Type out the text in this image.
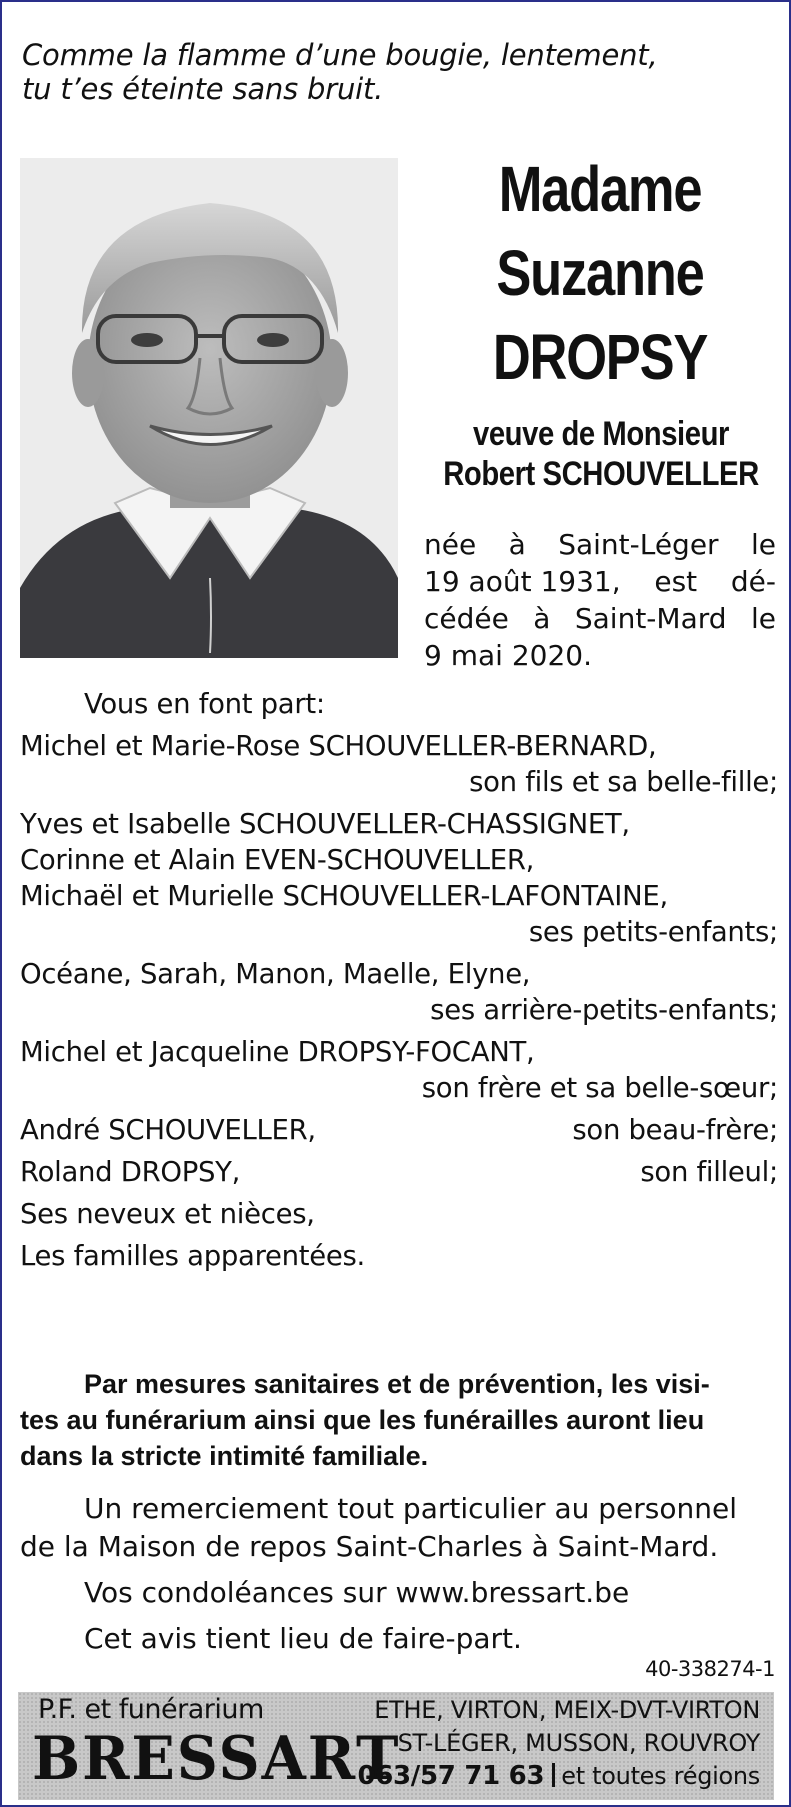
Comme la flamme d’une bougie, lentement,
tu t’es éteinte sans bruit.
Madame
Suzanne
DROPSY
veuve de Monsieur
Robert SCHOUVELLER
née à Saint-Léger le
19 août 1931, est dé-
cédée à Saint-Mard le
9 mai 2020.
Vous en font part:
Michel et Marie-Rose SCHOUVELLER-BERNARD,
son fils et sa belle-fille;
Yves et Isabelle SCHOUVELLER-CHASSIGNET,
Corinne et Alain EVEN-SCHOUVELLER,
Michaël et Murielle SCHOUVELLER-LAFONTAINE,
ses petits-enfants;
Océane, Sarah, Manon, Maelle, Elyne,
ses arrière-petits-enfants;
Michel et Jacqueline DROPSY-FOCANT,
son frère et sa belle-sœur;
André SCHOUVELLER,	son beau-frère;
Roland DROPSY,	son filleul;
Ses neveux et nièces,
Les familles apparentées.
Par mesures sanitaires et de prévention, les visi-
tes au funérarium ainsi que les funérailles auront lieu
dans la stricte intimité familiale.
Un remerciement tout particulier au personnel
de la Maison de repos Saint-Charles à Saint-Mard.
Vos condoléances sur www.bressart.be
Cet avis tient lieu de faire-part.
40-338274-1
P.F. et funérarium
BRESSART
ETHE, VIRTON, MEIX-DVT-VIRTON
ST-LÉGER, MUSSON, ROUVROY
063/57 71 63 et toutes régions
